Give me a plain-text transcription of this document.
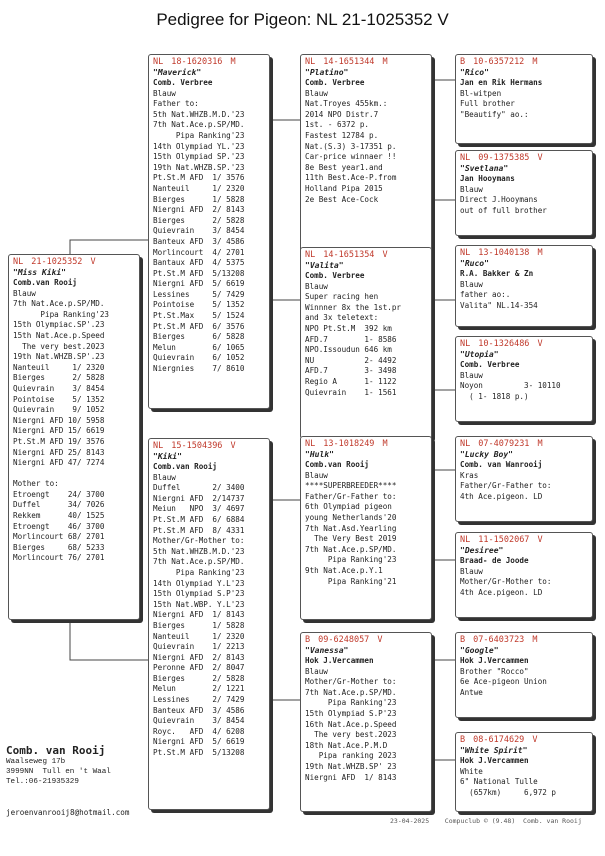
Pedigree for Pigeon: NL 21-1025352 V
NL 21-1025352 V
"Miss Kiki"
Comb.van Rooij
Blauw
7th Nat.Ace.p.SP/MD.
Pipa Ranking'23
15th Olympiac.SP'.23
15th Nat.Ace.p.Speed
The very best.2023
19th Nat.WHZB.SP'.23
Nanteuil     1/ 2320
Bierges      2/ 5828
Quievrain    3/ 8454
Pointoise    5/ 1352
Quievrain    9/ 1052
Niergni AFD 10/ 5958
Niergni AFD 15/ 6619
Pt.St.M AFD 19/ 3576
Niergni AFD 25/ 8143
Niergni AFD 47/ 7274

Mother to:
Etroengt    24/ 3700
Duffel      34/ 7026
Rekkem      40/ 1525
Etroengt    46/ 3700
Morlincourt 68/ 2701
Bierges     68/ 5233
Morlincourt 76/ 2701
NL 18-1620316 M
"Maverick"
Comb. Verbree
Blauw
Father to:
5th Nat.WHZB.M.D.'23
7th Nat.Ace.p.SP/MD.
Pipa Ranking'23
14th Olympiad YL.'23
15th Olympiad SP.'23
19th Nat.WHZB.SP.'23
Pt.St.M AFD  1/ 3576
Nanteuil     1/ 2320
Bierges      1/ 5828
Niergni AFD  2/ 8143
Bierges      2/ 5828
Quievrain    3/ 8454
Banteux AFD  3/ 4586
Morlincourt  4/ 2701
Bantaux AFD  4/ 5375
Pt.St.M AFD  5/13208
Niergni AFD  5/ 6619
Lessines     5/ 7429
Pointoise    5/ 1352
Pt.St.Max    5/ 1524
Pt.St.M AFD  6/ 3576
Bierges      6/ 5828
Melun        6/ 1065
Quievrain    6/ 1052
Niergnies    7/ 8610
NL 15-1504396 V
"Kiki"
Comb.van Rooij
Blauw
Duffel       2/ 3400
Niergni AFD  2/14737
Meiun   NPO  3/ 4697
Pt.St.M AFD  6/ 6884
Pt.St.M AFD  8/ 4331
Mother/Gr-Mother to:
5th Nat.WHZB.M.D.'23
7th Nat.Ace.p.SP/MD.
Pipa Ranking'23
14th Olympiad Y.L'23
15th Olympiad S.P'23
15th Nat.WBP. Y.L'23
Niergni AFD  1/ 8143
Bierges      1/ 5828
Nanteuil     1/ 2320
Quievrain    1/ 2213
Niergni AFD  2/ 8143
Peronne AFD  2/ 8047
Bierges      2/ 5828
Melun        2/ 1221
Lessines     2/ 7429
Banteux AFD  3/ 4586
Quievrain    3/ 8454
Royc.   AFD  4/ 6208
Niergni AFD  5/ 6619
Pt.St.M AFD  5/13208
NL 14-1651344 M
"Platino"
Comb. Verbree
Blauw
Nat.Troyes 455km.:
2014 NPO Distr.7
1st. - 6372 p.
Fastest 12784 p.
Nat.(S.3) 3-17351 p.
Car-price winnaer !!
8e Best year1.and
11th Best.Ace-P.from
Holland Pipa 2015
2e Best Ace-Cock
NL 14-1651354 V
"Valita"
Comb. Verbree
Blauw
Super racing hen
Winnner 8x the 1st.pr
and 3x teletext:
NPO Pt.St.M  392 km
AFD.7        1- 8586
NPO.Issoudun 646 km
NU           2- 4492
AFD.7        3- 3498
Regio A      1- 1122
Quievrain    1- 1561
NL 13-1018249 M
"Hulk"
Comb.van Rooij
Blauw
****SUPERBREEDER****
Father/Gr-Father to:
6th Olympiad pigeon
young Netherlands'20
7th Nat.Asd.Yearling
The Very Best 2019
7th Nat.Ace.p.SP/MD.
Pipa Ranking'23
9th Nat.Ace.p.Y.1
Pipa Ranking'21
B 09-6248057 V
"Vanessa"
Hok J.Vercammen
Blauw
Mother/Gr-Mother to:
7th Nat.Ace.p.SP/MD.
Pipa Ranking'23
15th Olympiad S.P'23
16th Nat.Ace.p.Speed
The very best.2023
18th Nat.Ace.P.M.D
Pipa ranking 2023
19th Nat.WHZB.SP' 23
Niergni AFD  1/ 8143
B 10-6357212 M
"Rico"
Jan en Rik Hermans
Bl-witpen
Full brother
"Beautify" ao.:
NL 09-1375385 V
"Svetlana"
Jan Hooymans
Blauw
Direct J.Hooymans
out of full brother
NL 13-1040138 M
"Ruco"
R.A. Bakker & Zn
Blauw
father ao:.
Valita" NL.14-354
NL 10-1326486 V
"Utopia"
Comb. Verbree
Blauw
Noyon         3- 10110
( 1- 1818 p.)
NL 07-4079231 M
"Lucky Boy"
Comb. van Wanrooij
Kras
Father/Gr-Father to:
4th Ace.pigeon. LD
NL 11-1502067 V
"Desiree"
Braad- de Joode
Blauw
Mother/Gr-Mother to:
4th Ace.pigeon. LD
B 07-6403723 M
"Google"
Hok J.Vercammen
Brother "Rocco"
6e Ace-pigeon Union
Antwe
B 08-6174629 V
"White Spirit"
Hok J.Vercammen
White
6" National Tulle
(657km)     6,972 p
Comb. van Rooij
Waalseweg 17b
3999NN  Tull en 't Waal
Tel.:06-21935329
jeroenvanrooij8@hotmail.com
23-04-2025    Compuclub © (9.48)  Comb. van Rooij
